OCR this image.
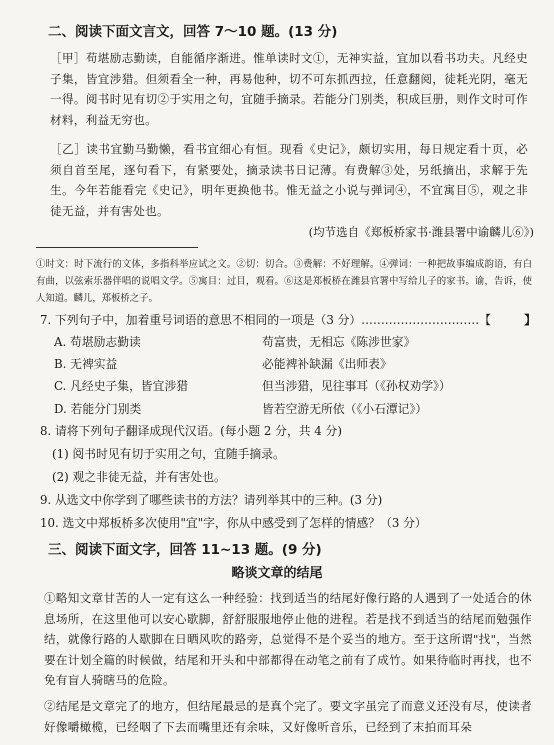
二、阅读下面文言文，回答 7～10 题。(13 分)

［甲］苟堪励志勤读，自能循序渐进。惟单读时文①，无神实益，宜加以看书功夫。凡经史子集，皆宜涉猎。但须看全一种，再易他种，切不可东抓西拉，任意翻阅，徒耗光阴，毫无一得。阅书时见有切②于实用之句，宜随手摘录。若能分门别类，积成巨册，则作文时可作材料，利益无穷也。

［乙］读书宜勤马勤懒，看书宜细心有恒。现看《史记》，颇切实用，每日规定看十页，必须自首至尾，逐句看下，有紧要处，摘录读书日记薄。有费解③处，另纸摘出，求解于先生。今年若能看完《史记》，明年更换他书。惟无益之小说与弹词④，不宜寓目⑤，观之非徒无益，并有害处也。

(均节选自《郑板桥家书·潍县署中谕麟儿⑥》)
①时文：时下流行的文体，多指科举应试之文。②切：切合。③费解：不好理解。④弹词：一种把故事编成韵语，有白有曲，以弦索乐器伴唱的说唱文学。⑤寓目：过目，观看。⑥这是郑板桥在潍县官署中写给儿子的家书。谕，告诉，使人知道。麟儿，郑板桥之子。
7. 下列句子中，加着重号词语的意思不相同的一项是（3 分）…………………………【	】
A. 苟堪励志勤读	苟富贵，无相忘《陈涉世家》
B. 无裨实益	必能裨补缺漏《出师表》
C. 凡经史子集，皆宜涉猎	但当涉猎，见往事耳（《孙权劝学》）
D. 若能分门别类	皆若空游无所依（《小石潭记》）

8. 请将下列句子翻译成现代汉语。(每小题 2 分，共 4 分)

(1) 阅书时见有切于实用之句，宜随手摘录。

(2) 观之非徒无益，并有害处也。

9. 从选文中你学到了哪些读书的方法？请列举其中的三种。(3 分)

10. 选文中郑板桥多次使用"宜"字，你从中感受到了怎样的情感？（3 分）

三、阅读下面文字，回答 11~13 题。(9 分)
略谈文章的结尾

①略知文章甘苦的人一定有这么一种经验：找到适当的结尾好像行路的人遇到了一处适合的休息场所，在这里他可以安心歇脚，舒舒服服地停止他的进程。若是找不到适当的结尾而勉强作结，就像行路的人歇脚在日晒风吹的路旁，总觉得不是个妥当的地方。至于这所谓"找"，当然要在计划全篇的时候做，结尾和开头和中部都得在动笔之前有了成竹。如果待临时再找，也不免有盲人骑瞎马的危险。

②结尾是文章完了的地方，但结尾最忌的是真个完了。要文字虽完了而意义还没有尽，使读者好像嚼橄榄，已经咽了下去而嘴里还有余味，又好像听音乐，已经到了末拍而耳朵
